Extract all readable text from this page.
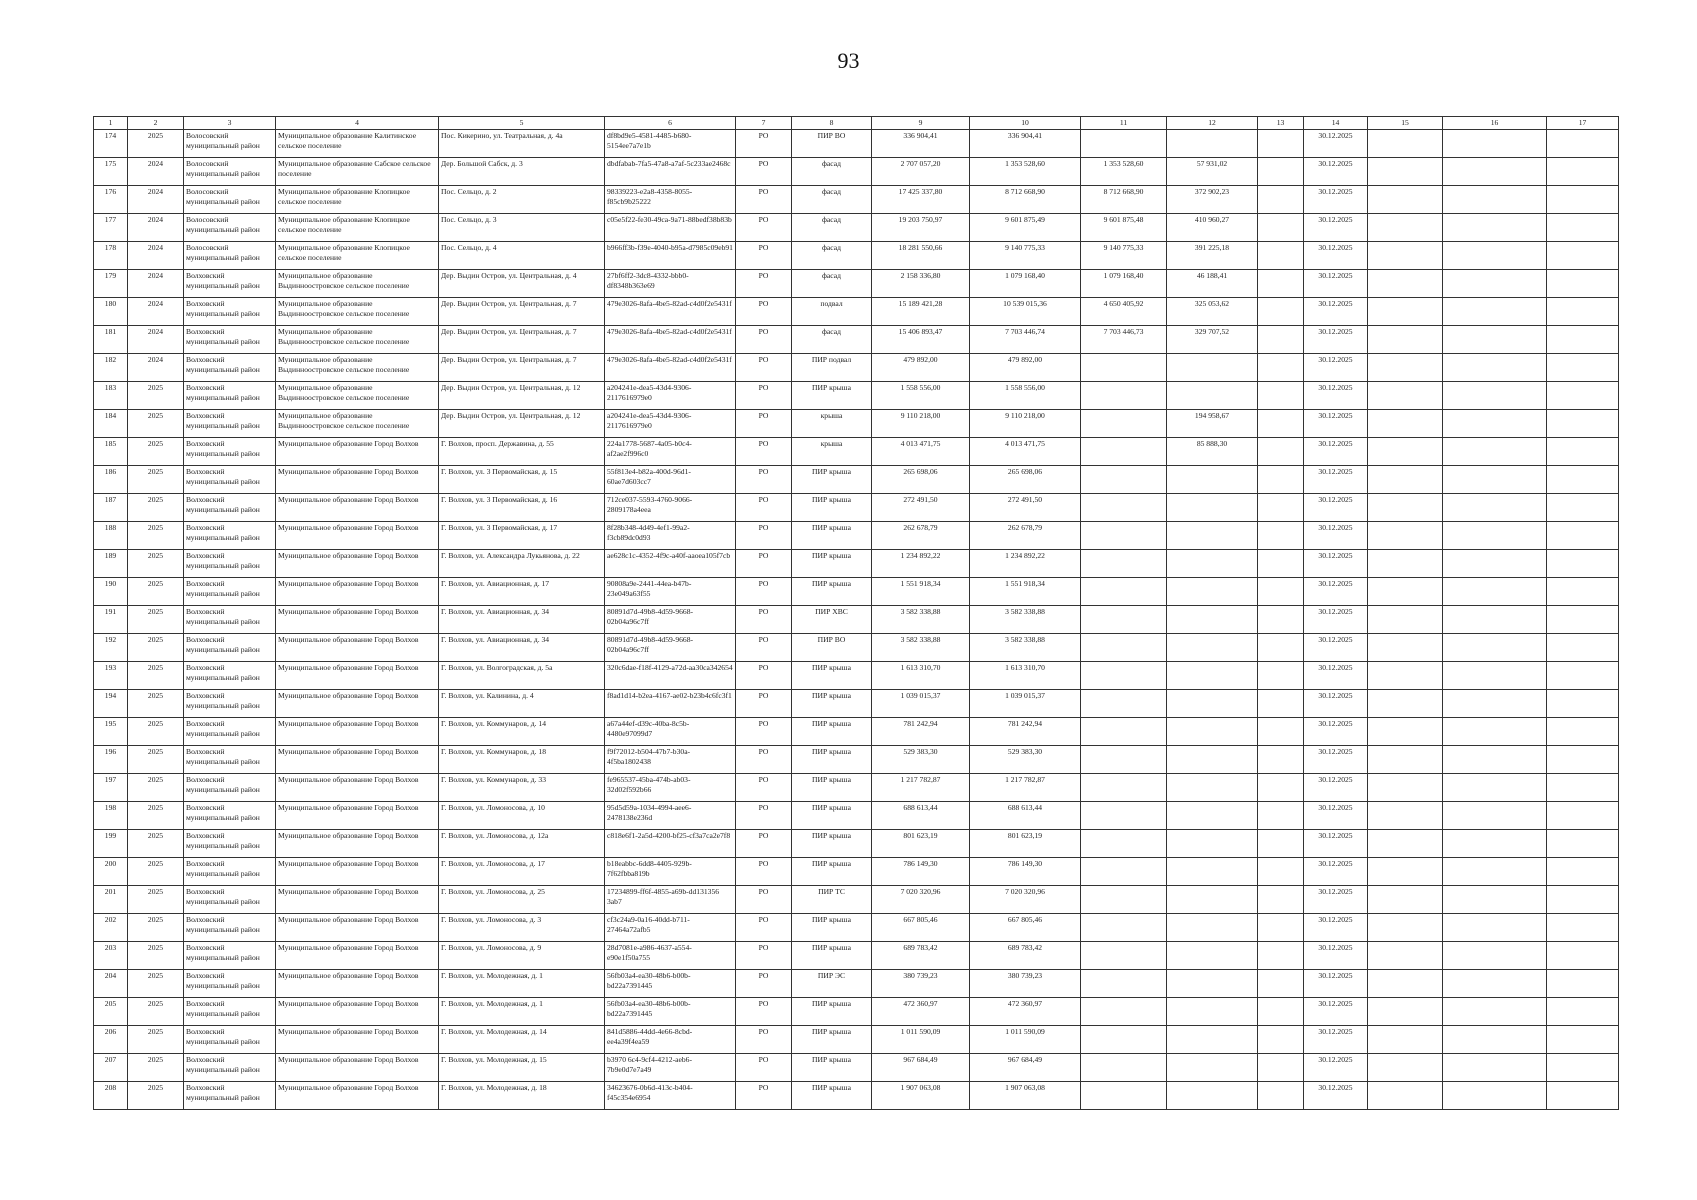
93
1	2	3	4	5	6	7	8	9	10	11	12	13	14	15	16	17
174	2025	Волосовский муниципальный район	Муниципальное образование Калитинское сельское поселение	Пос. Кикерино, ул. Театральная, д. 4а	df8bd9e5-4581-4485-b680-5154ee7a7e1b	РО	ПИР ВО	336 904,41	336 904,41				30.12.2025			
175	2024	Волосовский муниципальный район	Муниципальное образование Сабское сельское поселение	Дер. Большой Сабск, д. 3	dbdfabab-7fa5-47a8-a7af-5c233ae2468c	РО	фасад	2 707 057,20	1 353 528,60	1 353 528,60	57 931,02		30.12.2025			
176	2024	Волосовский муниципальный район	Муниципальное образование Клопицкое сельское поселение	Пос. Сельцо, д. 2	98339223-e2a8-4358-8055-f85cb9b25222	РО	фасад	17 425 337,80	8 712 668,90	8 712 668,90	372 902,23		30.12.2025			
177	2024	Волосовский муниципальный район	Муниципальное образование Клопицкое сельское поселение	Пос. Сельцо, д. 3	c05e5f22-fe30-49ca-9a71-88bedf38b83b	РО	фасад	19 203 750,97	9 601 875,49	9 601 875,48	410 960,27		30.12.2025			
178	2024	Волосовский муниципальный район	Муниципальное образование Клопицкое сельское поселение	Пос. Сельцо, д. 4	b966ff3b-f39e-4040-b95a-d7985c09eb91	РО	фасад	18 281 550,66	9 140 775,33	9 140 775,33	391 225,18		30.12.2025			
179	2024	Волховский муниципальный район	Муниципальное образование Выдинноостровское сельское поселение	Дер. Выдин Остров, ул. Центральная, д. 4	27bf6ff2-3dc8-4332-bbb0-df8348b363e69	РО	фасад	2 158 336,80	1 079 168,40	1 079 168,40	46 188,41		30.12.2025			
180	2024	Волховский муниципальный район	Муниципальное образование Выдинноостровское сельское поселение	Дер. Выдин Остров, ул. Центральная, д. 7	479e3026-8afa-4be5-82ad-c4d0f2e5431f	РО	подвал	15 189 421,28	10 539 015,36	4 650 405,92	325 053,62		30.12.2025			
181	2024	Волховский муниципальный район	Муниципальное образование Выдинноостровское сельское поселение	Дер. Выдин Остров, ул. Центральная, д. 7	479e3026-8afa-4be5-82ad-c4d0f2e5431f	РО	фасад	15 406 893,47	7 703 446,74	7 703 446,73	329 707,52		30.12.2025			
182	2024	Волховский муниципальный район	Муниципальное образование Выдинноостровское сельское поселение	Дер. Выдин Остров, ул. Центральная, д. 7	479e3026-8afa-4be5-82ad-c4d0f2e5431f	РО	ПИР подвал	479 892,00	479 892,00				30.12.2025			
183	2025	Волховский муниципальный район	Муниципальное образование Выдинноостровское сельское поселение	Дер. Выдин Остров, ул. Центральная, д. 12	a204241e-dea5-43d4-9306-2117616979e0	РО	ПИР крыша	1 558 556,00	1 558 556,00				30.12.2025			
184	2025	Волховский муниципальный район	Муниципальное образование Выдинноостровское сельское поселение	Дер. Выдин Остров, ул. Центральная, д. 12	a204241e-dea5-43d4-9306-2117616979e0	РО	крыша	9 110 218,00	9 110 218,00		194 958,67		30.12.2025			
185	2025	Волховский муниципальный район	Муниципальное образование Город Волхов	Г. Волхов, просп. Державина, д. 55	224a1778-5687-4a05-b0c4-af2ae2f996c0	РО	крыша	4 013 471,75	4 013 471,75		85 888,30		30.12.2025			
186	2025	Волховский муниципальный район	Муниципальное образование Город Волхов	Г. Волхов, ул. 3 Первомайская, д. 15	55f813e4-b82a-400d-96d1-60ae7d603cc7	РО	ПИР крыша	265 698,06	265 698,06				30.12.2025			
187	2025	Волховский муниципальный район	Муниципальное образование Город Волхов	Г. Волхов, ул. 3 Первомайская, д. 16	712ce037-5593-4760-9066-2809178a4eea	РО	ПИР крыша	272 491,50	272 491,50				30.12.2025			
188	2025	Волховский муниципальный район	Муниципальное образование Город Волхов	Г. Волхов, ул. 3 Первомайская, д. 17	8f28b348-4d49-4ef1-99a2-f3cb89dc0d93	РО	ПИР крыша	262 678,79	262 678,79				30.12.2025			
189	2025	Волховский муниципальный район	Муниципальное образование Город Волхов	Г. Волхов, ул. Александра Лукьянова, д. 22	ae628c1c-4352-4f9c-a40f-aaoea105f7cb	РО	ПИР крыша	1 234 892,22	1 234 892,22				30.12.2025			
190	2025	Волховский муниципальный район	Муниципальное образование Город Волхов	Г. Волхов, ул. Авиационная, д. 17	90808a9e-2441-44ea-b47b-23e049a63f55	РО	ПИР крыша	1 551 918,34	1 551 918,34				30.12.2025			
191	2025	Волховский муниципальный район	Муниципальное образование Город Волхов	Г. Волхов, ул. Авиационная, д. 34	80891d7d-49b8-4d59-9668-02b04a96c7ff	РО	ПИР ХВС	3 582 338,88	3 582 338,88				30.12.2025			
192	2025	Волховский муниципальный район	Муниципальное образование Город Волхов	Г. Волхов, ул. Авиационная, д. 34	80891d7d-49b8-4d59-9668-02b04a96c7ff	РО	ПИР ВО	3 582 338,88	3 582 338,88				30.12.2025			
193	2025	Волховский муниципальный район	Муниципальное образование Город Волхов	Г. Волхов, ул. Волгоградская, д. 5а	320c6dae-f18f-4129-a72d-aa30ca342654	РО	ПИР крыша	1 613 310,70	1 613 310,70				30.12.2025			
194	2025	Волховский муниципальный район	Муниципальное образование Город Волхов	Г. Волхов, ул. Калинина, д. 4	f8ad1d14-b2ea-4167-ae02-b23b4c6fc3f1	РО	ПИР крыша	1 039 015,37	1 039 015,37				30.12.2025			
195	2025	Волховский муниципальный район	Муниципальное образование Город Волхов	Г. Волхов, ул. Коммунаров, д. 14	a67a44ef-d39c-40ba-8c5b-4480e97099d7	РО	ПИР крыша	781 242,94	781 242,94				30.12.2025			
196	2025	Волховский муниципальный район	Муниципальное образование Город Волхов	Г. Волхов, ул. Коммунаров, д. 18	f9f72012-b504-47b7-b30a-4f5ba1802438	РО	ПИР крыша	529 383,30	529 383,30				30.12.2025			
197	2025	Волховский муниципальный район	Муниципальное образование Город Волхов	Г. Волхов, ул. Коммунаров, д. 33	fe965537-45ba-474b-ab03-32d02f592b66	РО	ПИР крыша	1 217 782,87	1 217 782,87				30.12.2025			
198	2025	Волховский муниципальный район	Муниципальное образование Город Волхов	Г. Волхов, ул. Ломоносова, д. 10	95d5d59a-1034-4994-aee6-2478138e236d	РО	ПИР крыша	688 613,44	688 613,44				30.12.2025			
199	2025	Волховский муниципальный район	Муниципальное образование Город Волхов	Г. Волхов, ул. Ломоносова, д. 12а	c818e6f1-2a5d-4200-bf25-cf3a7ca2e7f8	РО	ПИР крыша	801 623,19	801 623,19				30.12.2025			
200	2025	Волховский муниципальный район	Муниципальное образование Город Волхов	Г. Волхов, ул. Ломоносова, д. 17	b18eabbc-6dd8-4405-929b-7f62fbba819b	РО	ПИР крыша	786 149,30	786 149,30				30.12.2025			
201	2025	Волховский муниципальный район	Муниципальное образование Город Волхов	Г. Волхов, ул. Ломоносова, д. 25	17234899-ff6f-4855-a69b-dd131356 3ab7	РО	ПИР ТС	7 020 320,96	7 020 320,96				30.12.2025			
202	2025	Волховский муниципальный район	Муниципальное образование Город Волхов	Г. Волхов, ул. Ломоносова, д. 3	cf3c24a9-0a16-40dd-b711-27464a72afb5	РО	ПИР крыша	667 805,46	667 805,46				30.12.2025			
203	2025	Волховский муниципальный район	Муниципальное образование Город Волхов	Г. Волхов, ул. Ломоносова, д. 9	28d7081e-a986-4637-a554-e90e1f50a755	РО	ПИР крыша	689 783,42	689 783,42				30.12.2025			
204	2025	Волховский муниципальный район	Муниципальное образование Город Волхов	Г. Волхов, ул. Молодежная, д. 1	56fb03a4-ea30-48b6-b00b-bd22a7391445	РО	ПИР ЭС	380 739,23	380 739,23				30.12.2025			
205	2025	Волховский муниципальный район	Муниципальное образование Город Волхов	Г. Волхов, ул. Молодежная, д. 1	56fb03a4-ea30-48b6-b00b-bd22a7391445	РО	ПИР крыша	472 360,97	472 360,97				30.12.2025			
206	2025	Волховский муниципальный район	Муниципальное образование Город Волхов	Г. Волхов, ул. Молодежная, д. 14	841d5886-44dd-4e66-8cbd-ee4a39f4ea59	РО	ПИР крыша	1 011 590,09	1 011 590,09				30.12.2025			
207	2025	Волховский муниципальный район	Муниципальное образование Город Волхов	Г. Волхов, ул. Молодежная, д. 15	b3970 6c4-9cf4-4212-aeb6-7b9e0d7e7a49	РО	ПИР крыша	967 684,49	967 684,49				30.12.2025			
208	2025	Волховский муниципальный район	Муниципальное образование Город Волхов	Г. Волхов, ул. Молодежная, д. 18	34623676-0b6d-413c-b404-f45c354e6954	РО	ПИР крыша	1 907 063,08	1 907 063,08				30.12.2025			
